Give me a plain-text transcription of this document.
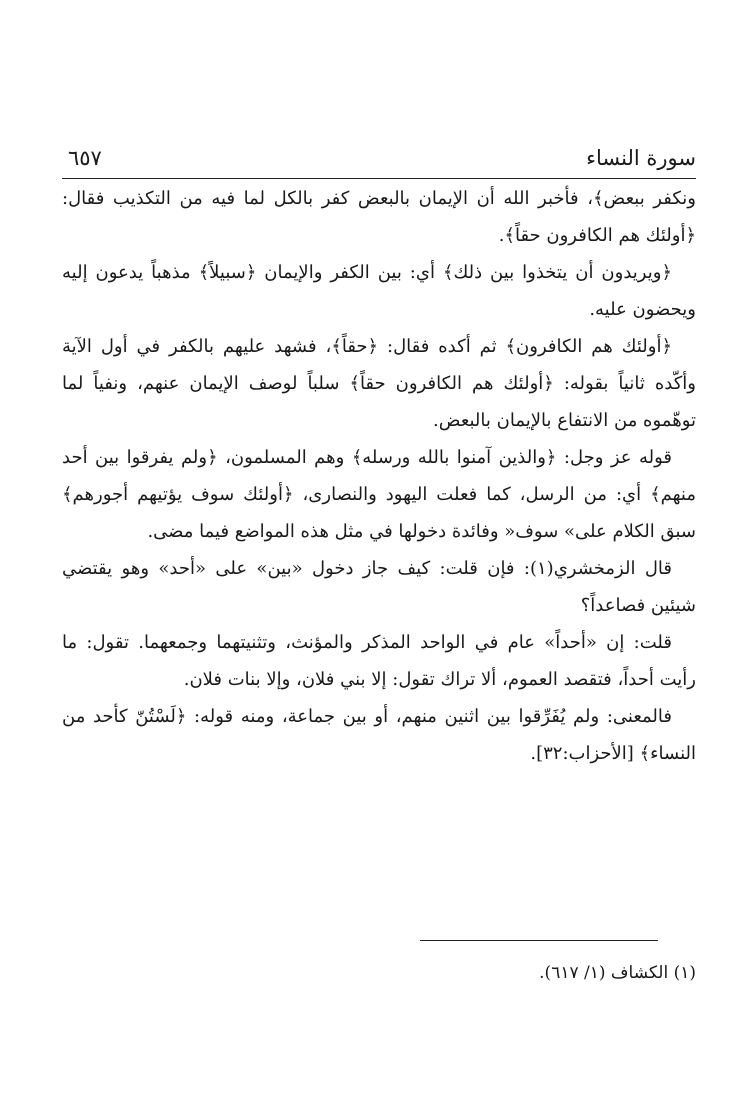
سورة النساء
٦٥٧

ونكفر ببعض﴾، فأخبر الله أن الإيمان بالبعض كفر بالكل لما فيه من التكذيب فقال: ﴿أولئك هم الكافرون حقاً﴾.

﴿ويريدون أن يتخذوا بين ذلك﴾ أي: بين الكفر والإيمان ﴿سبيلاً﴾ مذهباً يدعون إليه ويحضون عليه.

﴿أولئك هم الكافرون﴾ ثم أكده فقال: ﴿حقاً﴾، فشهد عليهم بالكفر في أول الآية وأكّده ثانياً بقوله: ﴿أولئك هم الكافرون حقاً﴾ سلباً لوصف الإيمان عنهم، ونفياً لما توهّموه من الانتفاع بالإيمان بالبعض.

قوله عز وجل: ﴿والذين آمنوا بالله ورسله﴾ وهم المسلمون، ﴿ولم يفرقوا بين أحد منهم﴾ أي: من الرسل، كما فعلت اليهود والنصارى، ﴿أولئك سوف يؤتيهم أجورهم﴾ سبق الكلام على» سوف« وفائدة دخولها في مثل هذه المواضع فيما مضى.

قال الزمخشري(١): فإن قلت: كيف جاز دخول «بين» على «أحد» وهو يقتضي شيئين فصاعداً؟

قلت: إن «أحداً» عام في الواحد المذكر والمؤنث، وتثنيتهما وجمعهما. تقول: ما رأيت أحداً، فتقصد العموم، ألا تراك تقول: إلا بني فلان، وإلا بنات فلان.

فالمعنى: ولم يُفَرِّقوا بين اثنين منهم، أو بين جماعة، ومنه قوله: ﴿لَسْتُنّ كأحد من النساء﴾ [الأحزاب:٣٢].

(١) الكشاف (١/ ٦١٧).
